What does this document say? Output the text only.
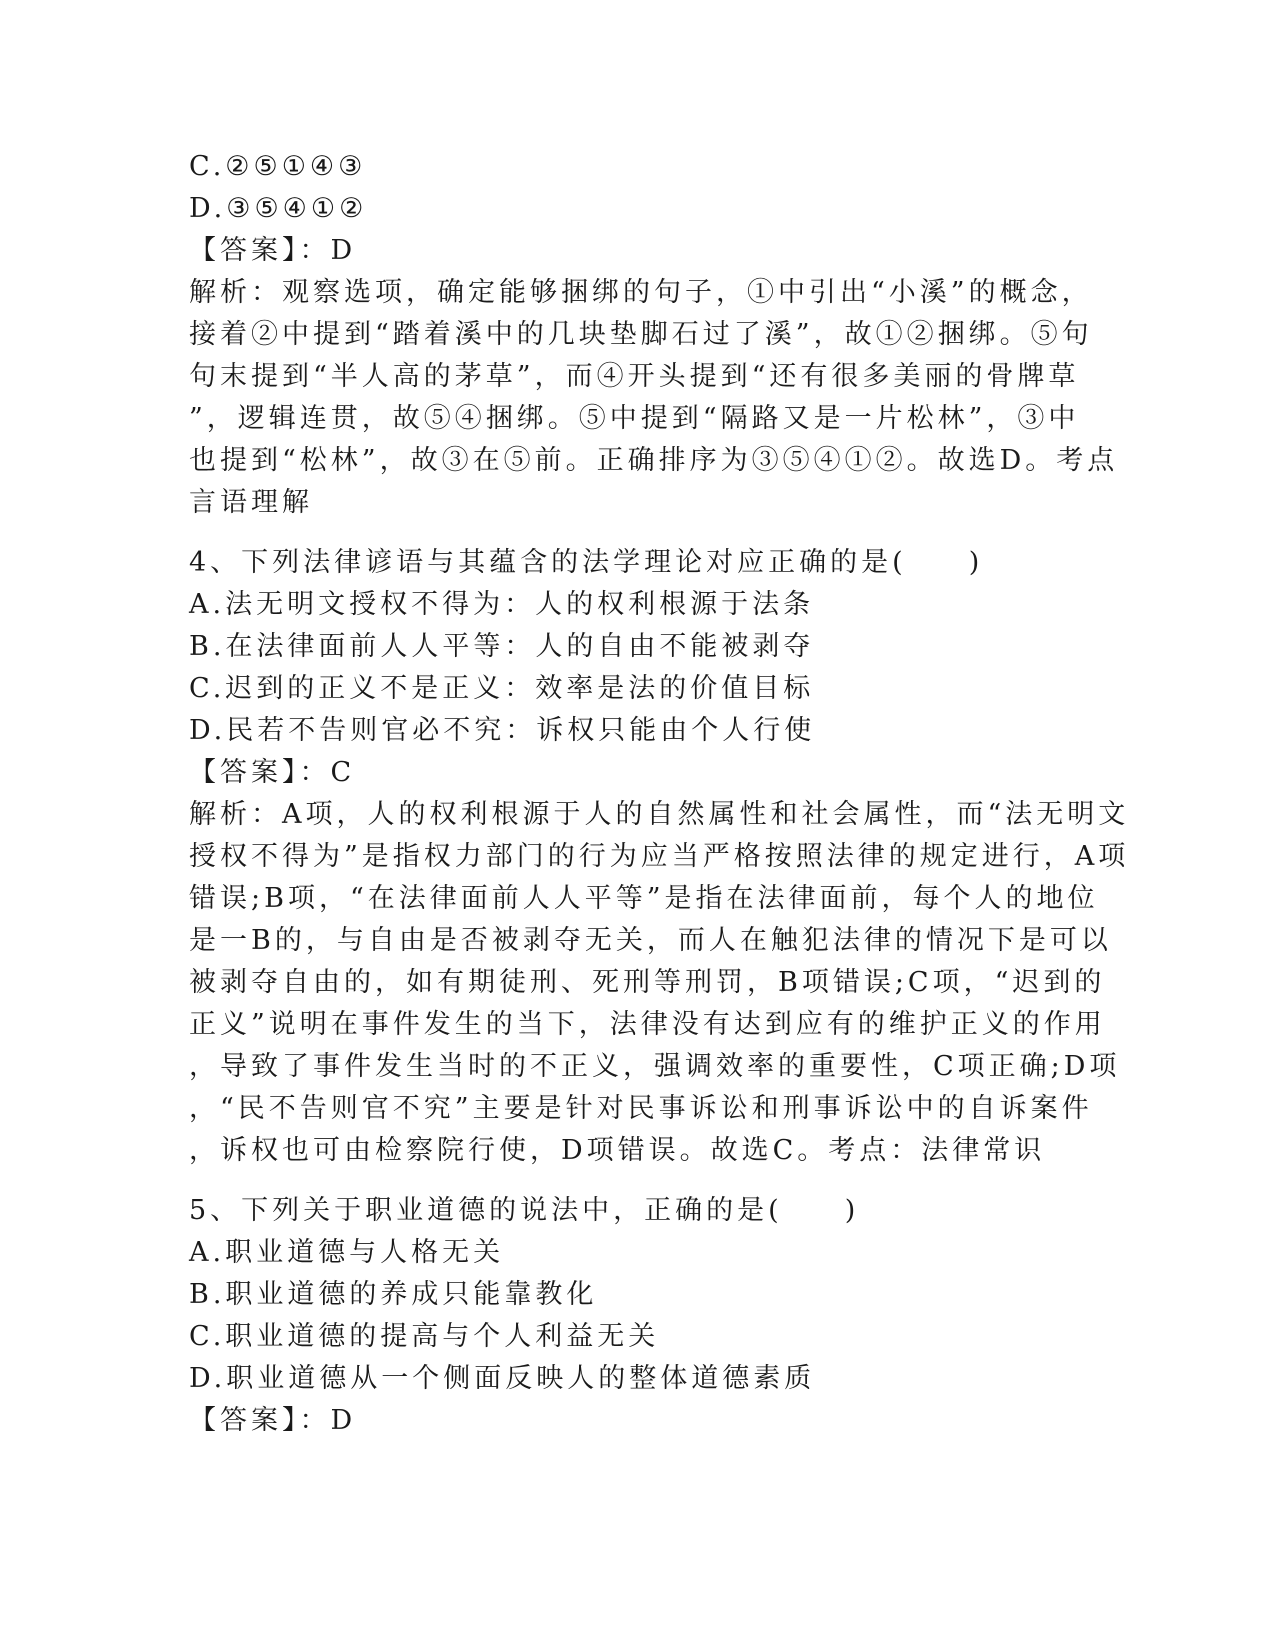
C.②⑤①④③
D.③⑤④①②
【答案】：D
解析：观察选项，确定能够捆绑的句子，①中引出“小溪”的概念，
接着②中提到“踏着溪中的几块垫脚石过了溪”，故①②捆绑。⑤句
句末提到“半人高的茅草”，而④开头提到“还有很多美丽的骨牌草
”，逻辑连贯，故⑤④捆绑。⑤中提到“隔路又是一片松林”，③中
也提到“松林”，故③在⑤前。正确排序为③⑤④①②。故选D。考点
言语理解
4、下列法律谚语与其蕴含的法学理论对应正确的是(　　)
A.法无明文授权不得为：人的权利根源于法条
B.在法律面前人人平等：人的自由不能被剥夺
C.迟到的正义不是正义：效率是法的价值目标
D.民若不告则官必不究：诉权只能由个人行使
【答案】：C
解析：A项，人的权利根源于人的自然属性和社会属性，而“法无明文
授权不得为”是指权力部门的行为应当严格按照法律的规定进行，A项
错误;B项，“在法律面前人人平等”是指在法律面前，每个人的地位
是一B的，与自由是否被剥夺无关，而人在触犯法律的情况下是可以
被剥夺自由的，如有期徒刑、死刑等刑罚，B项错误;C项，“迟到的
正义”说明在事件发生的当下，法律没有达到应有的维护正义的作用
，导致了事件发生当时的不正义，强调效率的重要性，C项正确;D项
，“民不告则官不究”主要是针对民事诉讼和刑事诉讼中的自诉案件
，诉权也可由检察院行使，D项错误。故选C。考点：法律常识
5、下列关于职业道德的说法中，正确的是(　　)
A.职业道德与人格无关
B.职业道德的养成只能靠教化
C.职业道德的提高与个人利益无关
D.职业道德从一个侧面反映人的整体道德素质
【答案】：D
